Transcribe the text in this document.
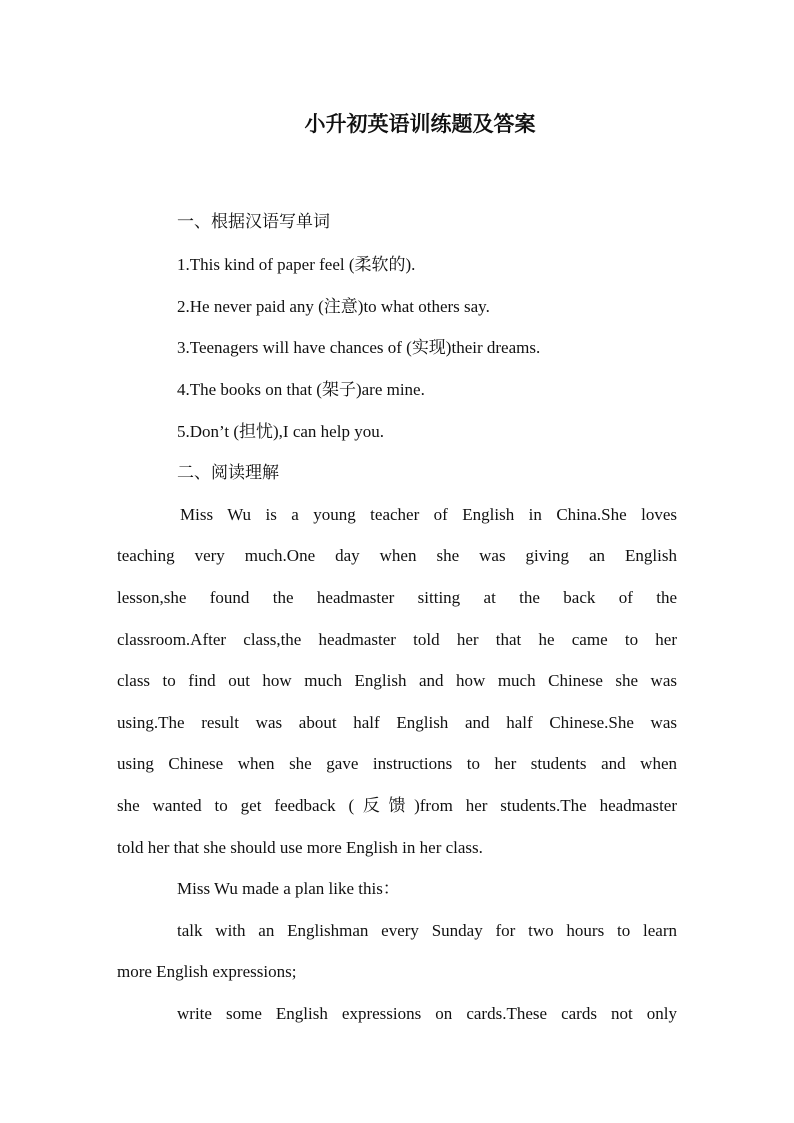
小升初英语训练题及答案
一、根据汉语写单词
1.This kind of paper feel (柔软的).
2.He never paid any (注意)to what others say.
3.Teenagers will have chances of (实现)their dreams.
4.The books on that (架子)are mine.
5.Don’t (担忧),I can help you.
二、阅读理解
Miss Wu is a young teacher of English in China.She loves
teaching very much.One day when she was giving an English
lesson,she found the headmaster sitting at the back of the
classroom.After class,the headmaster told her that he came to her
class to find out how much English and how much Chinese she was
using.The result was about half English and half Chinese.She was
using Chinese when she gave instructions to her students and when
she wanted to get feedback (反馈)from her students.The headmaster
told her that she should use more English in her class.
Miss Wu made a plan like this：
talk with an Englishman every Sunday for two hours to learn
more English expressions;
write some English expressions on cards.These cards not only
